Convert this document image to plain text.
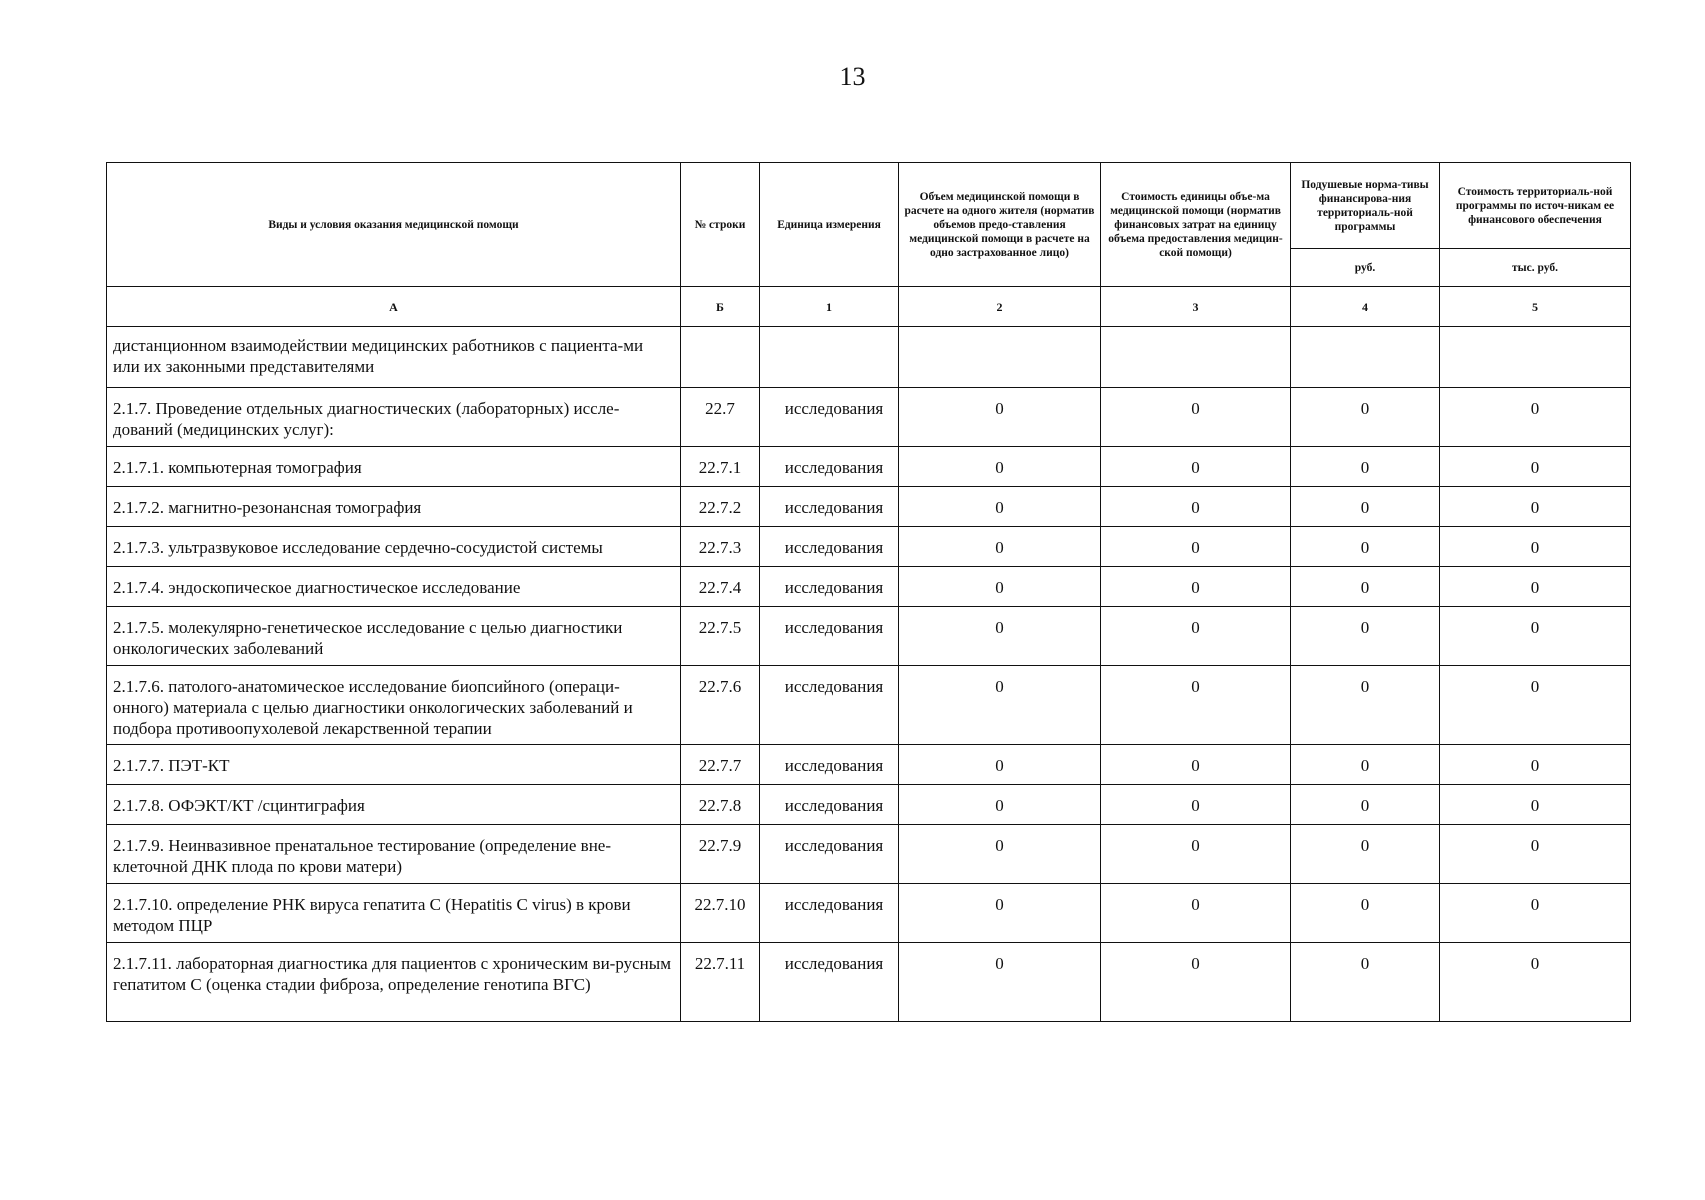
13
Виды и условия оказания медицинской помощи	№ строки	Единица измерения	Объем медицинской помощи в расчете на одного жителя (норматив объемов предо-ставления медицинской помощи в расчете на одно застрахованное лицо)	Стоимость единицы объе-ма медицинской помощи (норматив финансовых затрат на единицу объема предоставления медицин-ской помощи)	Подушевые норма-тивы финансирова-ния территориаль-ной программы	Стоимость территориаль-ной программы по источ-никам ее финансового обеспечения
					руб.	тыс. руб.
А	Б	1	2	3	4	5
дистанционном взаимодействии медицинских работников с пациента-ми или их законными представителями						
2.1.7. Проведение отдельных диагностических (лабораторных) иссле-дований (медицинских услуг):	22.7	исследования	0	0	0	0
2.1.7.1. компьютерная томография	22.7.1	исследования	0	0	0	0
2.1.7.2. магнитно-резонансная томография	22.7.2	исследования	0	0	0	0
2.1.7.3. ультразвуковое исследование сердечно-сосудистой системы	22.7.3	исследования	0	0	0	0
2.1.7.4. эндоскопическое диагностическое исследование	22.7.4	исследования	0	0	0	0
2.1.7.5. молекулярно-генетическое исследование с целью диагностики онкологических заболеваний	22.7.5	исследования	0	0	0	0
2.1.7.6. патолого-анатомическое исследование биопсийного (операци-онного) материала с целью диагностики онкологических заболеваний и подбора противоопухолевой лекарственной терапии	22.7.6	исследования	0	0	0	0
2.1.7.7. ПЭТ-КТ	22.7.7	исследования	0	0	0	0
2.1.7.8. ОФЭКТ/КТ /сцинтиграфия	22.7.8	исследования	0	0	0	0
2.1.7.9. Неинвазивное пренатальное тестирование (определение вне-клеточной ДНК плода по крови матери)	22.7.9	исследования	0	0	0	0
2.1.7.10. определение РНК вируса гепатита С (Hepatitis C virus) в крови методом ПЦР	22.7.10	исследования	0	0	0	0
2.1.7.11. лабораторная диагностика для пациентов с хроническим ви-русным гепатитом С (оценка стадии фиброза, определение генотипа ВГС)	22.7.11	исследования	0	0	0	0
